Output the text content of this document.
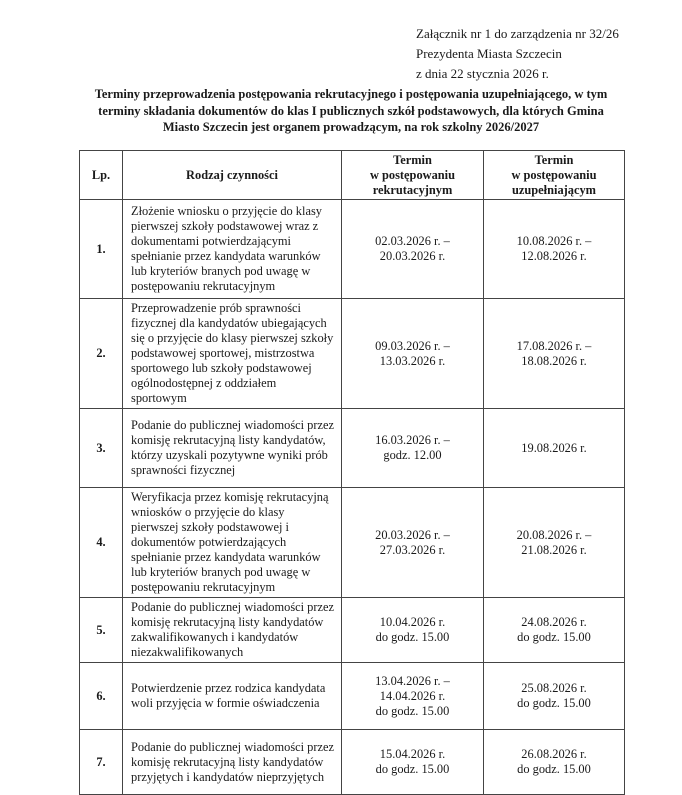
Załącznik nr 1 do zarządzenia nr 32/26
Prezydenta Miasta Szczecin
z dnia 22 stycznia 2026 r.
Terminy przeprowadzenia postępowania rekrutacyjnego i postępowania uzupełniającego, w tym terminy składania dokumentów do klas I publicznych szkół podstawowych, dla których Gmina Miasto Szczecin jest organem prowadzącym, na rok szkolny 2026/2027
Lp.	Rodzaj czynności	Termin
w postępowaniu
rekrutacyjnym	Termin
w postępowaniu
uzupełniającym

1.	Złożenie wniosku o przyjęcie do klasy pierwszej szkoły podstawowej wraz z dokumentami potwierdzającymi spełnianie przez kandydata warunków lub kryteriów branych pod uwagę w postępowaniu rekrutacyjnym	02.03.2026 r. –
20.03.2026 r.	10.08.2026 r. –
12.08.2026 r.

2.	Przeprowadzenie prób sprawności fizycznej dla kandydatów ubiegających się o przyjęcie do klasy pierwszej szkoły podstawowej sportowej, mistrzostwa sportowego lub szkoły podstawowej ogólnodostępnej z oddziałem sportowym	09.03.2026 r. –
13.03.2026 r.	17.08.2026 r. –
18.08.2026 r.

3.	Podanie do publicznej wiadomości przez komisję rekrutacyjną listy kandydatów, którzy uzyskali pozytywne wyniki prób sprawności fizycznej	16.03.2026 r. –
godz. 12.00	19.08.2026 r.

4.	Weryfikacja przez komisję rekrutacyjną wniosków o przyjęcie do klasy pierwszej szkoły podstawowej i dokumentów potwierdzających spełnianie przez kandydata warunków lub kryteriów branych pod uwagę w postępowaniu rekrutacyjnym	20.03.2026 r. –
27.03.2026 r.	20.08.2026 r. –
21.08.2026 r.

5.	Podanie do publicznej wiadomości przez komisję rekrutacyjną listy kandydatów zakwalifikowanych i kandydatów niezakwalifikowanych	10.04.2026 r.
do godz. 15.00	24.08.2026 r.
do godz. 15.00

6.	Potwierdzenie przez rodzica kandydata woli przyjęcia w formie oświadczenia	13.04.2026 r. –
14.04.2026 r.
do godz. 15.00	25.08.2026 r.
do godz. 15.00

7.	Podanie do publicznej wiadomości przez komisję rekrutacyjną listy kandydatów przyjętych i kandydatów nieprzyjętych	15.04.2026 r.
do godz. 15.00	26.08.2026 r.
do godz. 15.00
